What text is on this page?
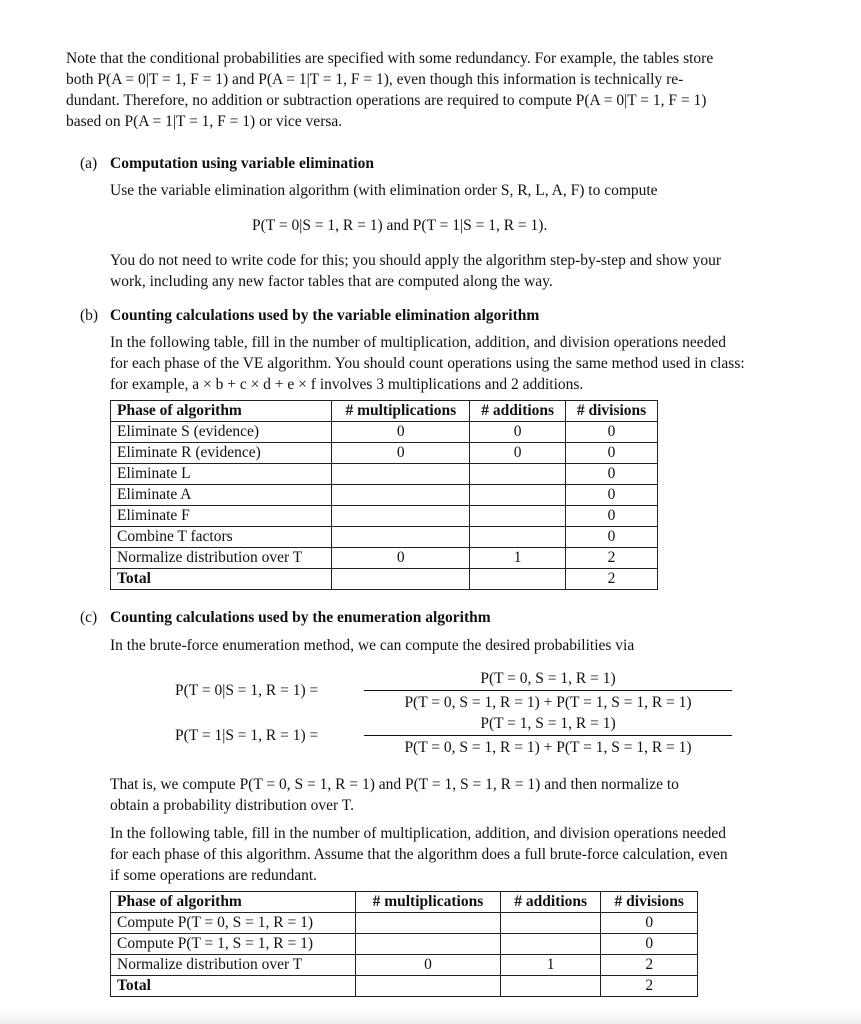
Note that the conditional probabilities are specified with some redundancy. For example, the tables store
both P(A = 0|T = 1, F = 1) and P(A = 1|T = 1, F = 1), even though this information is technically re-
dundant. Therefore, no addition or subtraction operations are required to compute P(A = 0|T = 1, F = 1)
based on P(A = 1|T = 1, F = 1) or vice versa.
(a) Computation using variable elimination
Use the variable elimination algorithm (with elimination order S, R, L, A, F) to compute
P(T = 0|S = 1, R = 1) and P(T = 1|S = 1, R = 1).
You do not need to write code for this; you should apply the algorithm step-by-step and show your
work, including any new factor tables that are computed along the way.
(b) Counting calculations used by the variable elimination algorithm
In the following table, fill in the number of multiplication, addition, and division operations needed
for each phase of the VE algorithm. You should count operations using the same method used in class:
for example, a × b + c × d + e × f involves 3 multiplications and 2 additions.
Phase of algorithm	# multiplications	# additions	# divisions
Eliminate S (evidence)	0	0	0
Eliminate R (evidence)	0	0	0
Eliminate L			0
Eliminate A			0
Eliminate F			0
Combine T factors			0
Normalize distribution over T	0	1	2
Total			2
(c) Counting calculations used by the enumeration algorithm
In the brute-force enumeration method, we can compute the desired probabilities via
P(T = 0|S = 1, R = 1) =
P(T = 0, S = 1, R = 1)
P(T = 0, S = 1, R = 1) + P(T = 1, S = 1, R = 1)
P(T = 1|S = 1, R = 1) =
P(T = 1, S = 1, R = 1)
P(T = 0, S = 1, R = 1) + P(T = 1, S = 1, R = 1)
That is, we compute P(T = 0, S = 1, R = 1) and P(T = 1, S = 1, R = 1) and then normalize to
obtain a probability distribution over T.
In the following table, fill in the number of multiplication, addition, and division operations needed
for each phase of this algorithm. Assume that the algorithm does a full brute-force calculation, even
if some operations are redundant.
Phase of algorithm	# multiplications	# additions	# divisions
Compute P(T = 0, S = 1, R = 1)			0
Compute P(T = 1, S = 1, R = 1)			0
Normalize distribution over T	0	1	2
Total			2
